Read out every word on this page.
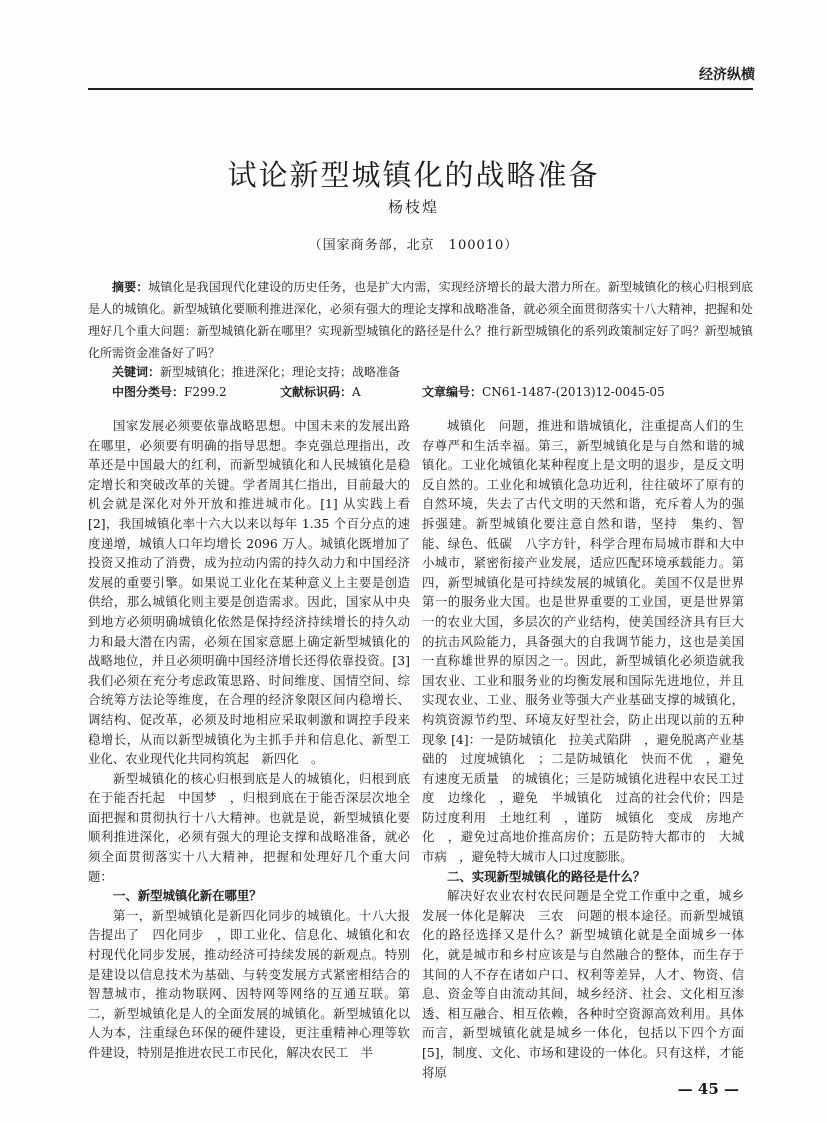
经济纵横
试论新型城镇化的战略准备
杨枝煌
（国家商务部，北京　100010）
摘要：城镇化是我国现代化建设的历史任务，也是扩大内需，实现经济增长的最大潜力所在。新型城镇化的核心归根到底是人的城镇化。新型城镇化要顺利推进深化，必须有强大的理论支撑和战略准备，就必须全面贯彻落实十八大精神，把握和处理好几个重大问题：新型城镇化新在哪里？实现新型城镇化的路径是什么？推行新型城镇化的系列政策制定好了吗？新型城镇化所需资金准备好了吗？
关键词：新型城镇化；推进深化；理论支持；战略准备
中图分类号：F299.2	文献标识码：A	文章编号：CN61-1487-(2013)12-0045-05

国家发展必须要依靠战略思想。中国未来的发展出路在哪里，必须要有明确的指导思想。李克强总理指出，改革还是中国最大的红利，而新型城镇化和人民城镇化是稳定增长和突破改革的关键。学者周其仁指出，目前最大的机会就是深化对外开放和推进城市化。[1] 从实践上看 [2]，我国城镇化率十六大以来以每年 1.35 个百分点的速度递增，城镇人口年均增长 2096 万人。城镇化既增加了投资又推动了消费，成为拉动内需的持久动力和中国经济发展的重要引擎。如果说工业化在某种意义上主要是创造供给，那么城镇化则主要是创造需求。因此，国家从中央到地方必须明确城镇化依然是保持经济持续增长的持久动力和最大潜在内需，必须在国家意愿上确定新型城镇化的战略地位，并且必须明确中国经济增长还得依靠投资。[3] 我们必须在充分考虑政策思路、时间维度、国情空间、综合统筹方法论等维度，在合理的经济象限区间内稳增长、调结构、促改革，必须及时地相应采取刺激和调控手段来稳增长，从而以新型城镇化为主抓手并和信息化、新型工业化、农业现代化共同构筑起　新四化　。

新型城镇化的核心归根到底是人的城镇化，归根到底在于能否托起　中国梦　，归根到底在于能否深层次地全面把握和贯彻执行十八大精神。也就是说，新型城镇化要顺利推进深化，必须有强大的理论支撑和战略准备，就必须全面贯彻落实十八大精神，把握和处理好几个重大问题：

一、新型城镇化新在哪里？

第一，新型城镇化是新四化同步的城镇化。十八大报告提出了　四化同步　，即工业化、信息化、城镇化和农村现代化同步发展，推动经济可持续发展的新观点。特别是建设以信息技术为基础、与转变发展方式紧密相结合的智慧城市，推动物联网、因特网等网络的互通互联。第二，新型城镇化是人的全面发展的城镇化。新型城镇化以人为本，注重绿色环保的硬件建设，更注重精神心理等软件建设，特别是推进农民工市民化，解决农民工　半

城镇化　问题，推进和谐城镇化，注重提高人们的生存尊严和生活幸福。第三，新型城镇化是与自然和谐的城镇化。工业化城镇化某种程度上是文明的退步，是反文明反自然的。工业化和城镇化急功近利，往往破坏了原有的自然环境，失去了古代文明的天然和谐，充斥着人为的强拆强建。新型城镇化要注意自然和谐，坚持　集约、智能、绿色、低碳　八字方针，科学合理布局城市群和大中小城市，紧密衔接产业发展，适应匹配环境承载能力。第四，新型城镇化是可持续发展的城镇化。美国不仅是世界第一的服务业大国。也是世界重要的工业国，更是世界第一的农业大国，多层次的产业结构，使美国经济具有巨大的抗击风险能力，具备强大的自我调节能力，这也是美国一直称雄世界的原因之一。因此，新型城镇化必须造就我国农业、工业和服务业的均衡发展和国际先进地位，并且实现农业、工业、服务业等强大产业基础支撑的城镇化，构筑资源节约型、环境友好型社会，防止出现以前的五种现象 [4]：一是防城镇化　拉美式陷阱　，避免脱离产业基础的　过度城镇化　；二是防城镇化　快而不优　，避免　有速度无质量　的城镇化；三是防城镇化进程中农民工过度　边缘化　，避免　半城镇化　过高的社会代价；四是防过度利用　土地红利　，谨防　城镇化　变成　房地产化　，避免过高地价推高房价；五是防特大都市的　大城市病　，避免特大城市人口过度膨胀。

二、实现新型城镇化的路径是什么？

解决好农业农村农民问题是全党工作重中之重，城乡发展一体化是解决　三农　问题的根本途径。而新型城镇化的路径选择又是什么？新型城镇化就是全面城乡一体化，就是城市和乡村应该是与自然融合的整体，而生存于其间的人不存在诸如户口、权利等差异，人才、物资、信息、资金等自由流动其间，城乡经济、社会、文化相互渗透、相互融合、相互依赖，各种时空资源高效利用。具体而言，新型城镇化就是城乡一体化，包括以下四个方面 [5]，制度、文化、市场和建设的一体化。只有这样，才能将原

— 45 —
